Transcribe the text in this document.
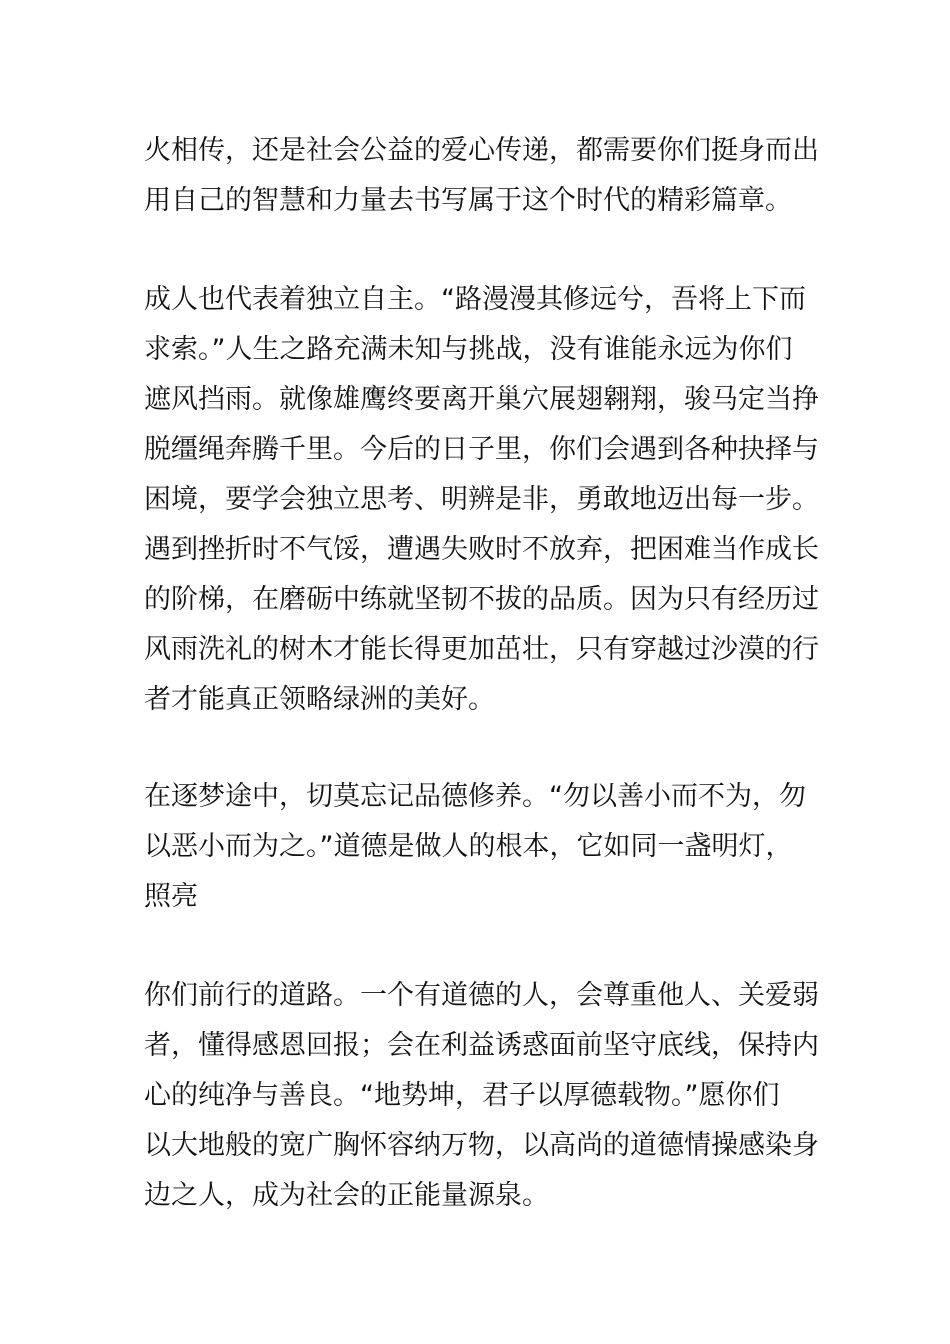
火相传，还是社会公益的爱心传递，都需要你们挺身而出
用自己的智慧和力量去书写属于这个时代的精彩篇章。
成人也代表着独立自主。“路漫漫其修远兮，吾将上下而
求索。”人生之路充满未知与挑战，没有谁能永远为你们
遮风挡雨。就像雄鹰终要离开巢穴展翅翱翔，骏马定当挣
脱缰绳奔腾千里。今后的日子里，你们会遇到各种抉择与
困境，要学会独立思考、明辨是非，勇敢地迈出每一步。
遇到挫折时不气馁，遭遇失败时不放弃，把困难当作成长
的阶梯，在磨砺中练就坚韧不拔的品质。因为只有经历过
风雨洗礼的树木才能长得更加茁壮，只有穿越过沙漠的行
者才能真正领略绿洲的美好。
在逐梦途中，切莫忘记品德修养。“勿以善小而不为，勿
以恶小而为之。”道德是做人的根本，它如同一盏明灯，
照亮
你们前行的道路。一个有道德的人，会尊重他人、关爱弱
者，懂得感恩回报；会在利益诱惑面前坚守底线，保持内
心的纯净与善良。“地势坤，君子以厚德载物。”愿你们
以大地般的宽广胸怀容纳万物，以高尚的道德情操感染身
边之人，成为社会的正能量源泉。
